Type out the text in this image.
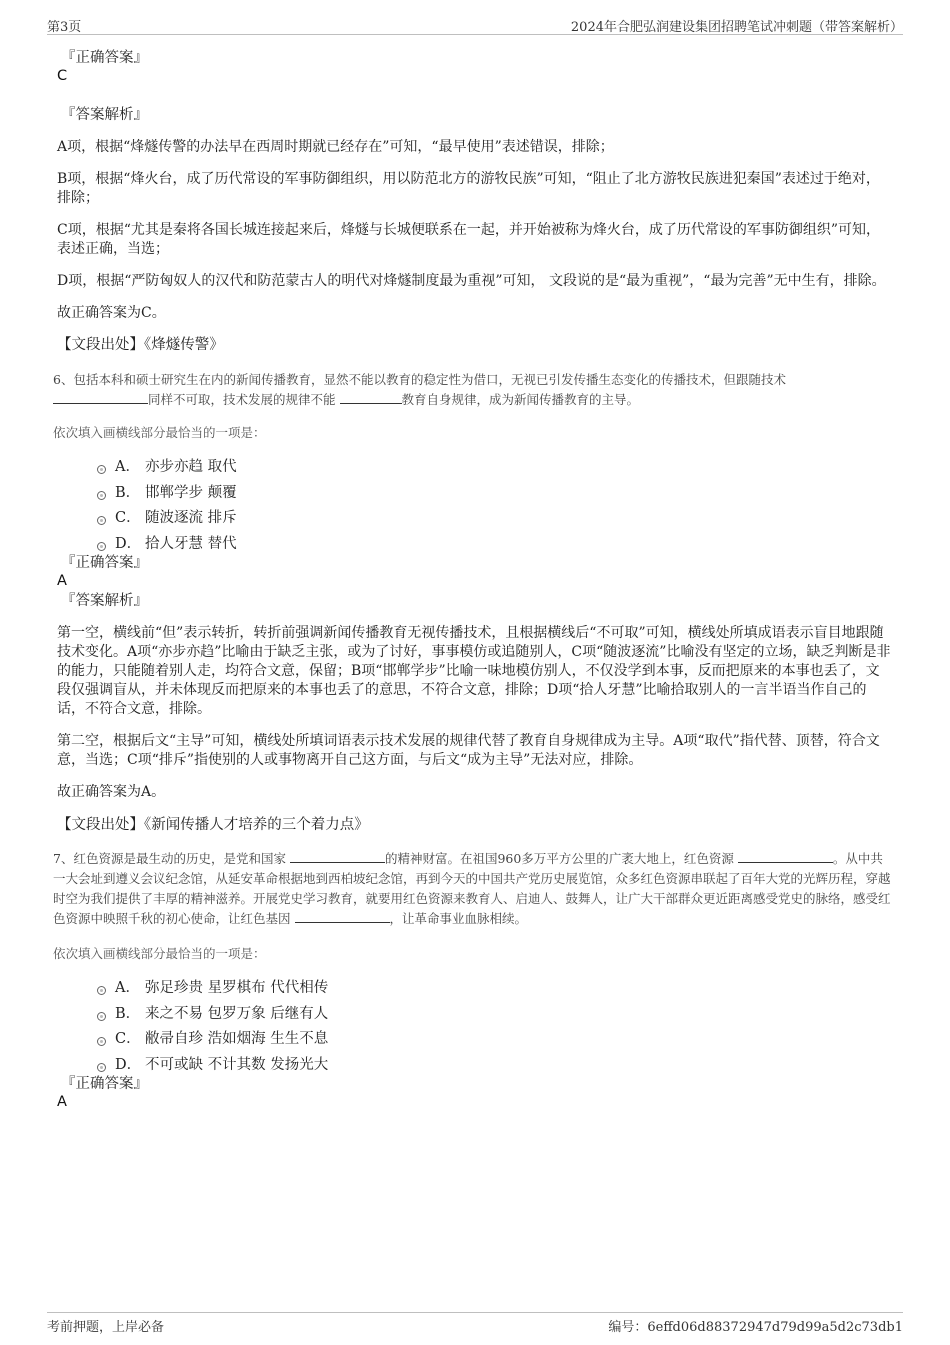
第3页	2024年合肥弘润建设集团招聘笔试冲刺题（带答案解析）

『正确答案』

C

『答案解析』

A项，根据“烽燧传警的办法早在西周时期就已经存在”可知，“最早使用”表述错误，排除；

B项，根据“烽火台，成了历代常设的军事防御组织，用以防范北方的游牧民族”可知，“阻止了北方游牧民族进犯秦国”表述过于绝对，排除；

C项，根据“尤其是秦将各国长城连接起来后，烽燧与长城便联系在一起，并开始被称为烽火台，成了历代常设的军事防御组织”可知，表述正确，当选；

D项，根据“严防匈奴人的汉代和防范蒙古人的明代对烽燧制度最为重视”可知， 文段说的是“最为重视”，“最为完善”无中生有，排除。

故正确答案为C。

【文段出处】《烽燧传警》

6、包括本科和硕士研究生在内的新闻传播教育，显然不能以教育的稳定性为借口，无视已引发传播生态变化的传播技术，但跟随技术
同样不可取，技术发展的规律不能	教育自身规律，成为新闻传播教育的主导。

依次填入画横线部分最恰当的一项是：

A． 亦步亦趋 取代
B． 邯郸学步 颠覆
C． 随波逐流 排斥
D． 拾人牙慧 替代

『正确答案』

A

『答案解析』

第一空，横线前“但”表示转折，转折前强调新闻传播教育无视传播技术，且根据横线后“不可取”可知，横线处所填成语表示盲目地跟随技术变化。A项“亦步亦趋”比喻由于缺乏主张，或为了讨好，事事模仿或追随别人，C项“随波逐流”比喻没有坚定的立场，缺乏判断是非的能力，只能随着别人走，均符合文意，保留；B项“邯郸学步”比喻一味地模仿别人，不仅没学到本事，反而把原来的本事也丢了，文段仅强调盲从，并未体现反而把原来的本事也丢了的意思，不符合文意，排除；D项“拾人牙慧”比喻拾取别人的一言半语当作自己的话，不符合文意，排除。

第二空，根据后文“主导”可知，横线处所填词语表示技术发展的规律代替了教育自身规律成为主导。A项“取代”指代替、顶替，符合文意，当选；C项“排斥”指使别的人或事物离开自己这方面，与后文“成为主导”无法对应，排除。

故正确答案为A。

【文段出处】《新闻传播人才培养的三个着力点》

7、红色资源是最生动的历史，是党和国家	的精神财富。在祖国960多万平方公里的广袤大地上，红色资源	。从中共一大会址到遵义会议纪念馆，从延安革命根据地到西柏坡纪念馆，再到今天的中国共产党历史展览馆，众多红色资源串联起了百年大党的光辉历程，穿越时空为我们提供了丰厚的精神滋养。开展党史学习教育，就要用红色资源来教育人、启迪人、鼓舞人，让广大干部群众更近距离感受党史的脉络，感受红色资源中映照千秋的初心使命，让红色基因	，让革命事业血脉相续。

依次填入画横线部分最恰当的一项是：

A． 弥足珍贵 星罗棋布 代代相传
B． 来之不易 包罗万象 后继有人
C． 敝帚自珍 浩如烟海 生生不息
D． 不可或缺 不计其数 发扬光大

『正确答案』

A

考前押题，上岸必备	编号：6effd06d88372947d79d99a5d2c73db1
